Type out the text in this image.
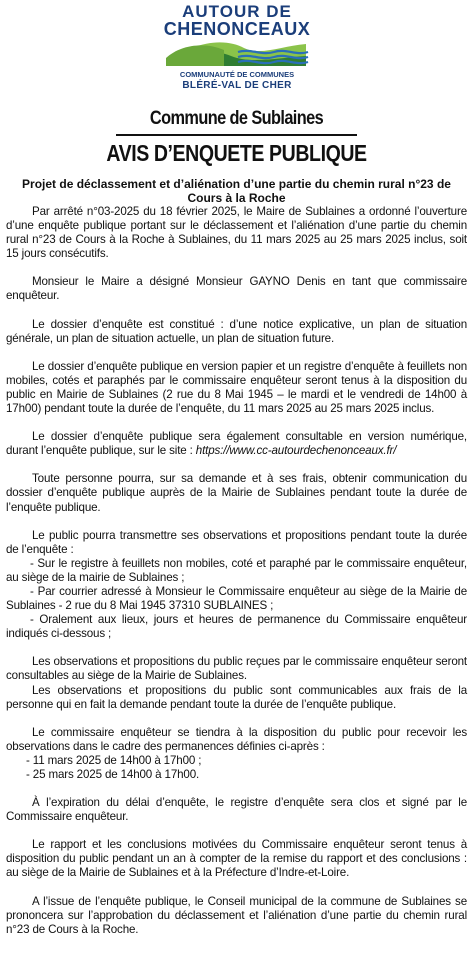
AUTOUR DE
CHENONCEAUX
COMMUNAUTÉ DE COMMUNES
BLÉRÉ-VAL DE CHER
Commune de Sublaines
AVIS D’ENQUETE PUBLIQUE
Projet de déclassement et d’aliénation d’une partie du chemin rural n°23 de
Cours à la Roche

Par arrêté n°03-2025 du 18 février 2025, le Maire de Sublaines a ordonné l’ouverture d’une enquête publique portant sur le déclassement et l’aliénation d’une partie du chemin rural n°23 de Cours à la Roche à Sublaines, du 11 mars 2025 au 25 mars 2025 inclus, soit 15 jours consécutifs.

Monsieur le Maire a désigné Monsieur GAYNO Denis en tant que commissaire enquêteur.

Le dossier d’enquête est constitué : d’une notice explicative, un plan de situation générale, un plan de situation actuelle, un plan de situation future.

Le dossier d’enquête publique en version papier et un registre d’enquête à feuillets non mobiles, cotés et paraphés par le commissaire enquêteur seront tenus à la disposition du public en Mairie de Sublaines (2 rue du 8 Mai 1945 – le mardi et le vendredi de 14h00 à 17h00) pendant toute la durée de l’enquête, du 11 mars 2025 au 25 mars 2025 inclus.

Le dossier d’enquête publique sera également consultable en version numérique, durant l’enquête publique, sur le site : https://www.cc-autourdechenonceaux.fr/

Toute personne pourra, sur sa demande et à ses frais, obtenir communication du dossier d’enquête publique auprès de la Mairie de Sublaines pendant toute la durée de l’enquête publique.

Le public pourra transmettre ses observations et propositions pendant toute la durée de l’enquête :

- Sur le registre à feuillets non mobiles, coté et paraphé par le commissaire enquêteur, au siège de la mairie de Sublaines ;

- Par courrier adressé à Monsieur le Commissaire enquêteur au siège de la Mairie de Sublaines - 2 rue du 8 Mai 1945 37310 SUBLAINES ;

- Oralement aux lieux, jours et heures de permanence du Commissaire enquêteur indiqués ci-dessous ;

Les observations et propositions du public reçues par le commissaire enquêteur seront consultables au siège de la Mairie de Sublaines.

Les observations et propositions du public sont communicables aux frais de la personne qui en fait la demande pendant toute la durée de l’enquête publique.

Le commissaire enquêteur se tiendra à la disposition du public pour recevoir les observations dans le cadre des permanences définies ci-après :

- 11 mars 2025 de 14h00 à 17h00 ;

- 25 mars 2025 de 14h00 à 17h00.

À l’expiration du délai d’enquête, le registre d’enquête sera clos et signé par le Commissaire enquêteur.

Le rapport et les conclusions motivées du Commissaire enquêteur seront tenus à disposition du public pendant un an à compter de la remise du rapport et des conclusions : au siège de la Mairie de Sublaines et à la Préfecture d’Indre-et-Loire.

A l’issue de l’enquête publique, le Conseil municipal de la commune de Sublaines se prononcera sur l’approbation du déclassement et l’aliénation d’une partie du chemin rural n°23 de Cours à la Roche.
